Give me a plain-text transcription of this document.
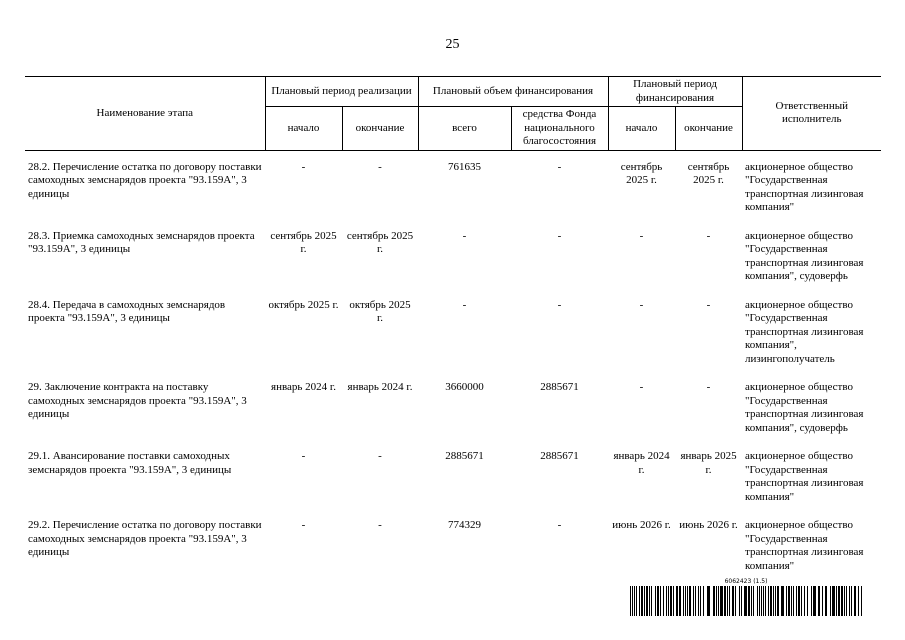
25
Наименование этапа	Плановый период реализации		Плановый объем финансирования		Плановый период финансирования		Ответственный исполнитель
	начало	окончание	всего	средства Фонда национального благосостояния	начало	окончание	
28.2. Перечисление остатка по договору поставки самоходных земснарядов проекта "93.159А", 3 единицы	-	-	761635	-	сентябрь 2025 г.	сентябрь 2025 г.	акционерное общество "Государственная транспортная лизинговая компания"
28.3. Приемка самоходных земснарядов проекта "93.159А", 3 единицы	сентябрь 2025 г.	сентябрь 2025 г.	-	-	-	-	акционерное общество "Государственная транспортная лизинговая компания", судоверфь
28.4. Передача в самоходных земснарядов проекта "93.159А", 3 единицы	октябрь 2025 г.	октябрь 2025 г.	-	-	-	-	акционерное общество "Государственная транспортная лизинговая компания", лизингополучатель
29. Заключение контракта на поставку самоходных земснарядов проекта "93.159А", 3 единицы	январь 2024 г.	январь 2024 г.	3660000	2885671	-	-	акционерное общество "Государственная транспортная лизинговая компания", судоверфь
29.1. Авансирование поставки самоходных земснарядов проекта "93.159А", 3 единицы	-	-	2885671	2885671	январь 2024 г.	январь 2025 г.	акционерное общество "Государственная транспортная лизинговая компания"
29.2. Перечисление остатка по договору поставки самоходных земснарядов проекта "93.159А", 3 единицы	-	-	774329	-	июнь 2026 г.	июнь 2026 г.	акционерное общество "Государственная транспортная лизинговая компания"
6062423 (1.5)
